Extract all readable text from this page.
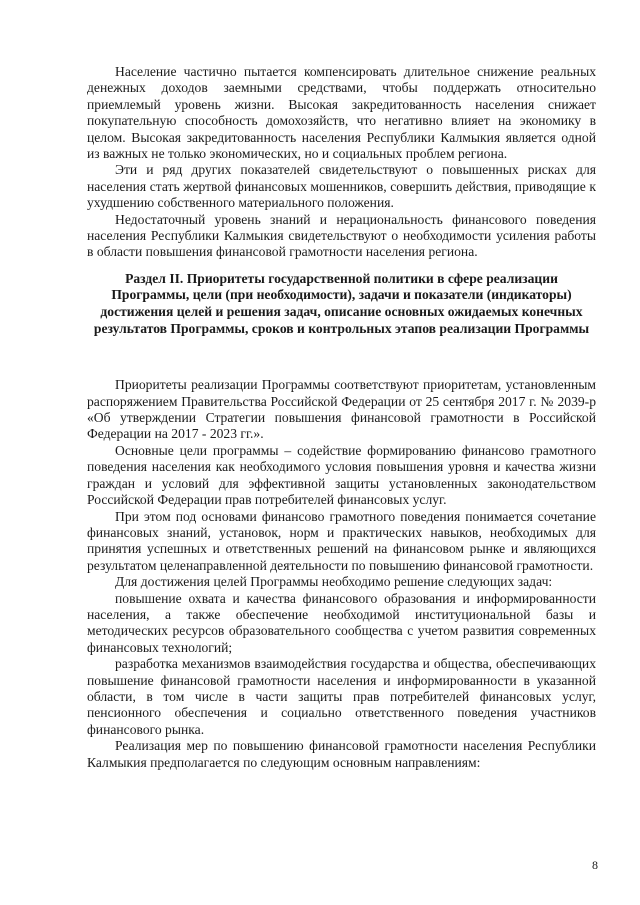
Население частично пытается компенсировать длительное снижение реальных денежных доходов заемными средствами, чтобы поддержать относительно приемлемый уровень жизни. Высокая закредитованность населения снижает покупательную способность домохозяйств, что негативно влияет на экономику в целом. Высокая закредитованность населения Республики Калмыкия является одной из важных не только экономических, но и социальных проблем региона.

Эти и ряд других показателей свидетельствуют о повышенных рисках для населения стать жертвой финансовых мошенников, совершить действия, приводящие к ухудшению собственного материального положения.

Недостаточный уровень знаний и нерациональность финансового поведения населения Республики Калмыкия свидетельствуют о необходимости усиления работы в области повышения финансовой грамотности населения региона.

Раздел II. Приоритеты государственной политики в сфере реализации Программы, цели (при необходимости), задачи и показатели (индикаторы) достижения целей и решения задач, описание основных ожидаемых конечных результатов Программы, сроков и контрольных этапов реализации Программы

Приоритеты реализации Программы соответствуют приоритетам, установленным распоряжением Правительства Российской Федерации от 25 сентября 2017 г. № 2039-р «Об утверждении Стратегии повышения финансовой грамотности в Российской Федерации на 2017 - 2023 гг.».

Основные цели программы – содействие формированию финансово грамотного поведения населения как необходимого условия повышения уровня и качества жизни граждан и условий для эффективной защиты установленных законодательством Российской Федерации прав потребителей финансовых услуг.

При этом под основами финансово грамотного поведения понимается сочетание финансовых знаний, установок, норм и практических навыков, необходимых для принятия успешных и ответственных решений на финансовом рынке и являющихся результатом целенаправленной деятельности по повышению финансовой грамотности.

Для достижения целей Программы необходимо решение следующих задач:

повышение охвата и качества финансового образования и информированности населения, а также обеспечение необходимой институциональной базы и методических ресурсов образовательного сообщества с учетом развития современных финансовых технологий;

разработка механизмов взаимодействия государства и общества, обеспечивающих повышение финансовой грамотности населения и информированности в указанной области, в том числе в части защиты прав потребителей финансовых услуг, пенсионного обеспечения и социально ответственного поведения участников финансового рынка.

Реализация мер по повышению финансовой грамотности населения Республики Калмыкия предполагается по следующим основным направлениям:

8
